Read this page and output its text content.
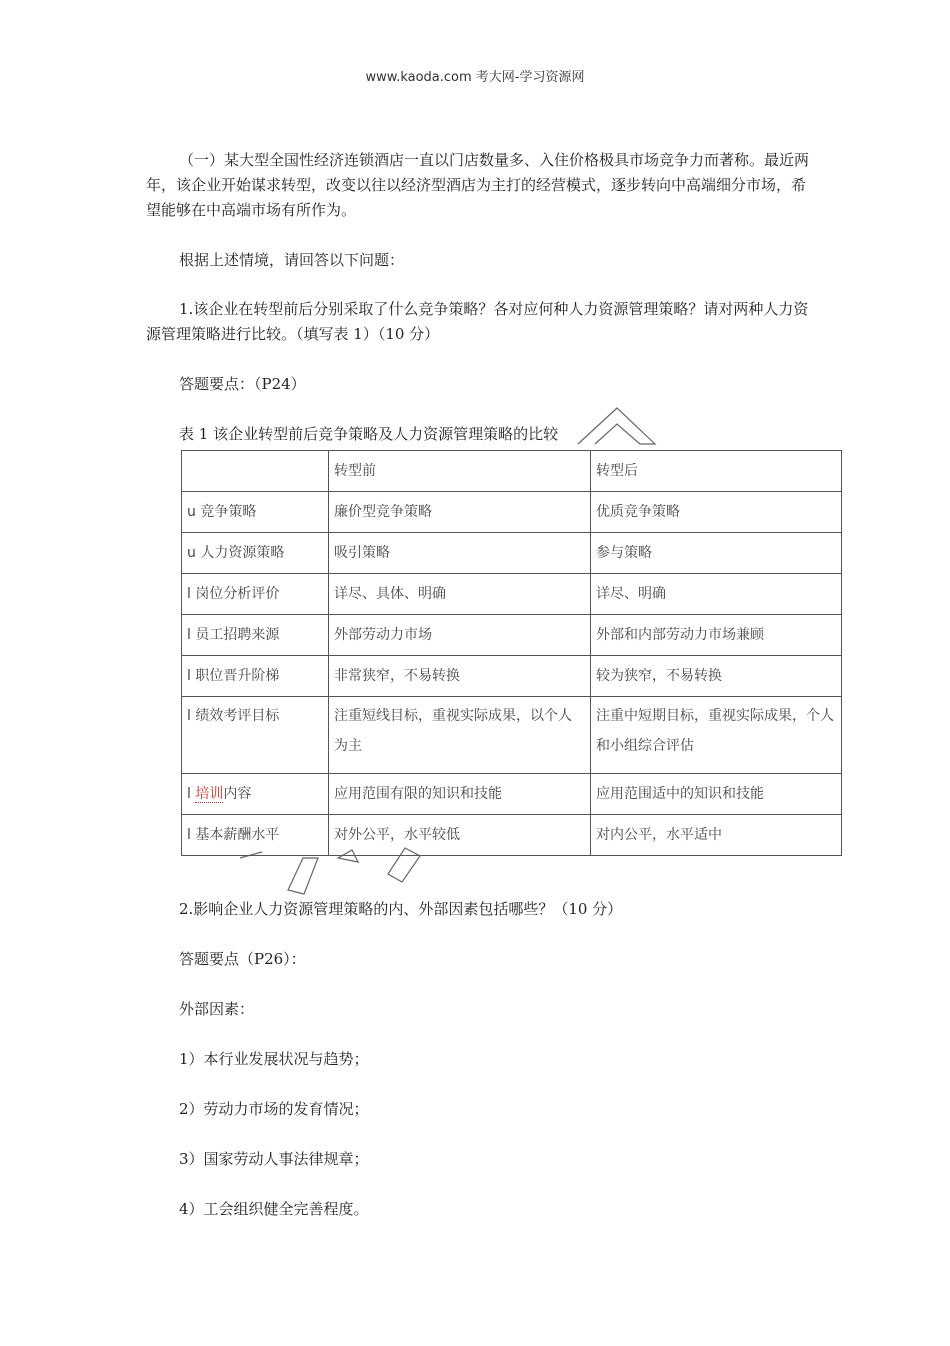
www.kaoda.com 考大网-学习资源网
（一）某大型全国性经济连锁酒店一直以门店数量多、入住价格极具市场竞争力而著称。最近两年，该企业开始谋求转型，改变以往以经济型酒店为主打的经营模式，逐步转向中高端细分市场，希望能够在中高端市场有所作为。
根据上述情境，请回答以下问题：
1.该企业在转型前后分别采取了什么竞争策略？各对应何种人力资源管理策略？请对两种人力资源管理策略进行比较。（填写表 1）（10 分）
答题要点：（P24）
表 1 该企业转型前后竞争策略及人力资源管理策略的比较
	转型前	转型后
u 竞争策略	廉价型竞争策略	优质竞争策略
u 人力资源策略	吸引策略	参与策略
l 岗位分析评价	详尽、具体、明确	详尽、明确
l 员工招聘来源	外部劳动力市场	外部和内部劳动力市场兼顾
l 职位晋升阶梯	非常狭窄，不易转换	较为狭窄，不易转换
l 绩效考评目标	注重短线目标，重视实际成果，以个人为主	注重中短期目标，重视实际成果，个人和小组综合评估
l 培训内容	应用范围有限的知识和技能	应用范围适中的知识和技能
l 基本薪酬水平	对外公平，水平较低	对内公平，水平适中
2.影响企业人力资源管理策略的内、外部因素包括哪些？（10 分）
答题要点（P26）：
外部因素：
1）本行业发展状况与趋势；
2）劳动力市场的发育情况；
3）国家劳动人事法律规章；
4）工会组织健全完善程度。
